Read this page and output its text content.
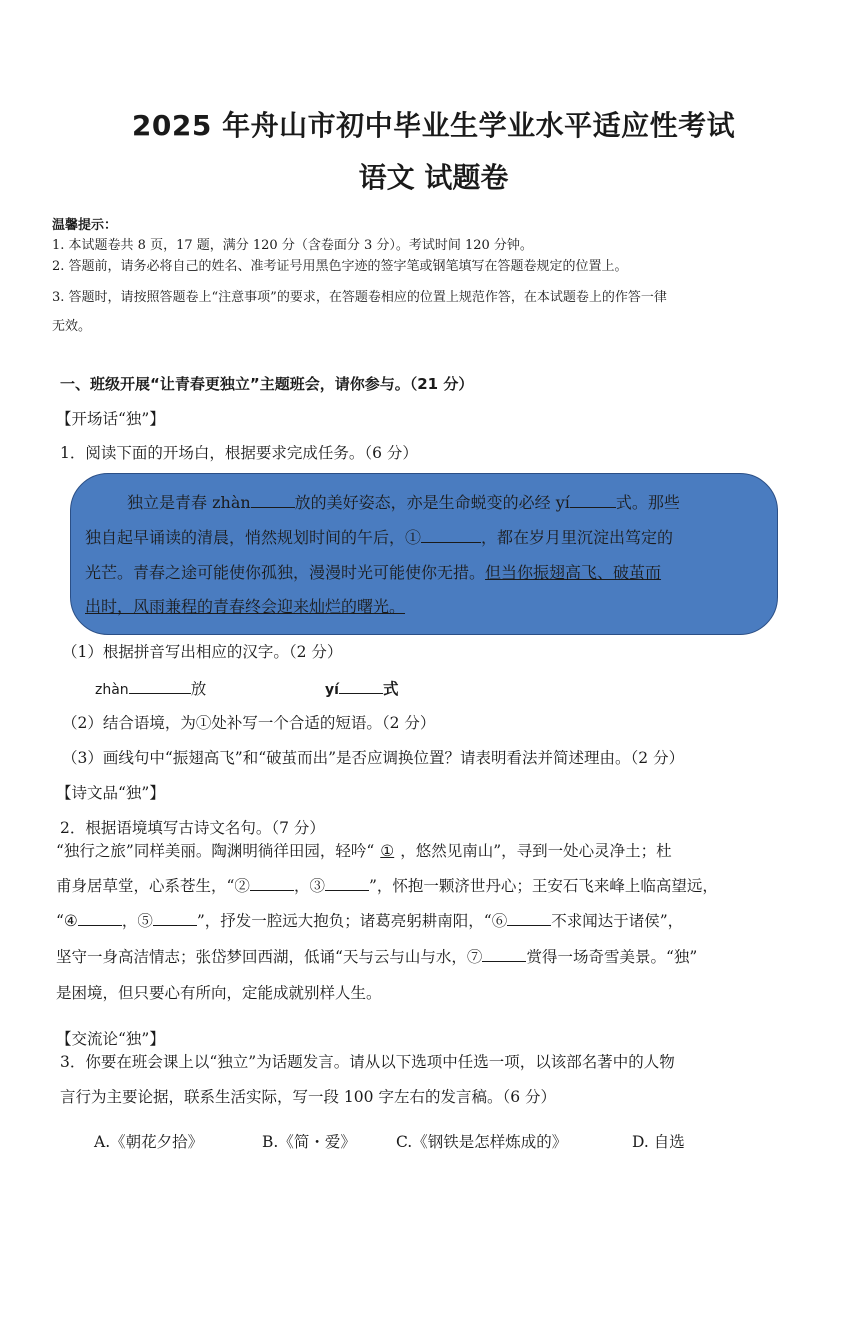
2025 年舟山市初中毕业生学业水平适应性考试
语文 试题卷
温馨提示：
1. 本试题卷共 8 页，17 题，满分 120 分（含卷面分 3 分）。考试时间 120 分钟。
2. 答题前，请务必将自己的姓名、准考证号用黑色字迹的签字笔或钢笔填写在答题卷规定的位置上。
3. 答题时，请按照答题卷上“注意事项”的要求，在答题卷相应的位置上规范作答，在本试题卷上的作答一律
无效。
一、班级开展“让青春更独立”主题班会，请你参与。（21 分）
【开场话“独”】
1．阅读下面的开场白，根据要求完成任务。（6 分）
独立是青春 zhàn	放的美好姿态，亦是生命蜕变的必经 yí	式。那些
独自起早诵读的清晨，悄然规划时间的午后，①	，都在岁月里沉淀出笃定的
光芒。青春之途可能使你孤独，漫漫时光可能使你无措。但当你振翅高飞、破茧而
出时，风雨兼程的青春终会迎来灿烂的曙光。
（1）根据拼音写出相应的汉字。（2 分）
zhàn	放	yí	式
（2）结合语境，为①处补写一个合适的短语。（2 分）
（3）画线句中“振翅高飞”和“破茧而出”是否应调换位置？请表明看法并简述理由。（2 分）
【诗文品“独”】
2．根据语境填写古诗文名句。（7 分）
“独行之旅”同样美丽。陶渊明徜徉田园，轻吟“ ① ，悠然见南山”，寻到一处心灵净土；杜
甫身居草堂，心系苍生，“②	，③	”，怀抱一颗济世丹心；王安石飞来峰上临高望远，
“④	，⑤	”，抒发一腔远大抱负；诸葛亮躬耕南阳，“⑥	不求闻达于诸侯”，
坚守一身高洁情志；张岱梦回西湖，低诵“天与云与山与水，⑦	赏得一场奇雪美景。“独”
是困境，但只要心有所向，定能成就别样人生。
【交流论“独”】
3．你要在班会课上以“独立”为话题发言。请从以下选项中任选一项，以该部名著中的人物
言行为主要论据，联系生活实际，写一段 100 字左右的发言稿。（6 分）
A.《朝花夕拾》	B.《简・爱》	C.《钢铁是怎样炼成的》	D. 自选
